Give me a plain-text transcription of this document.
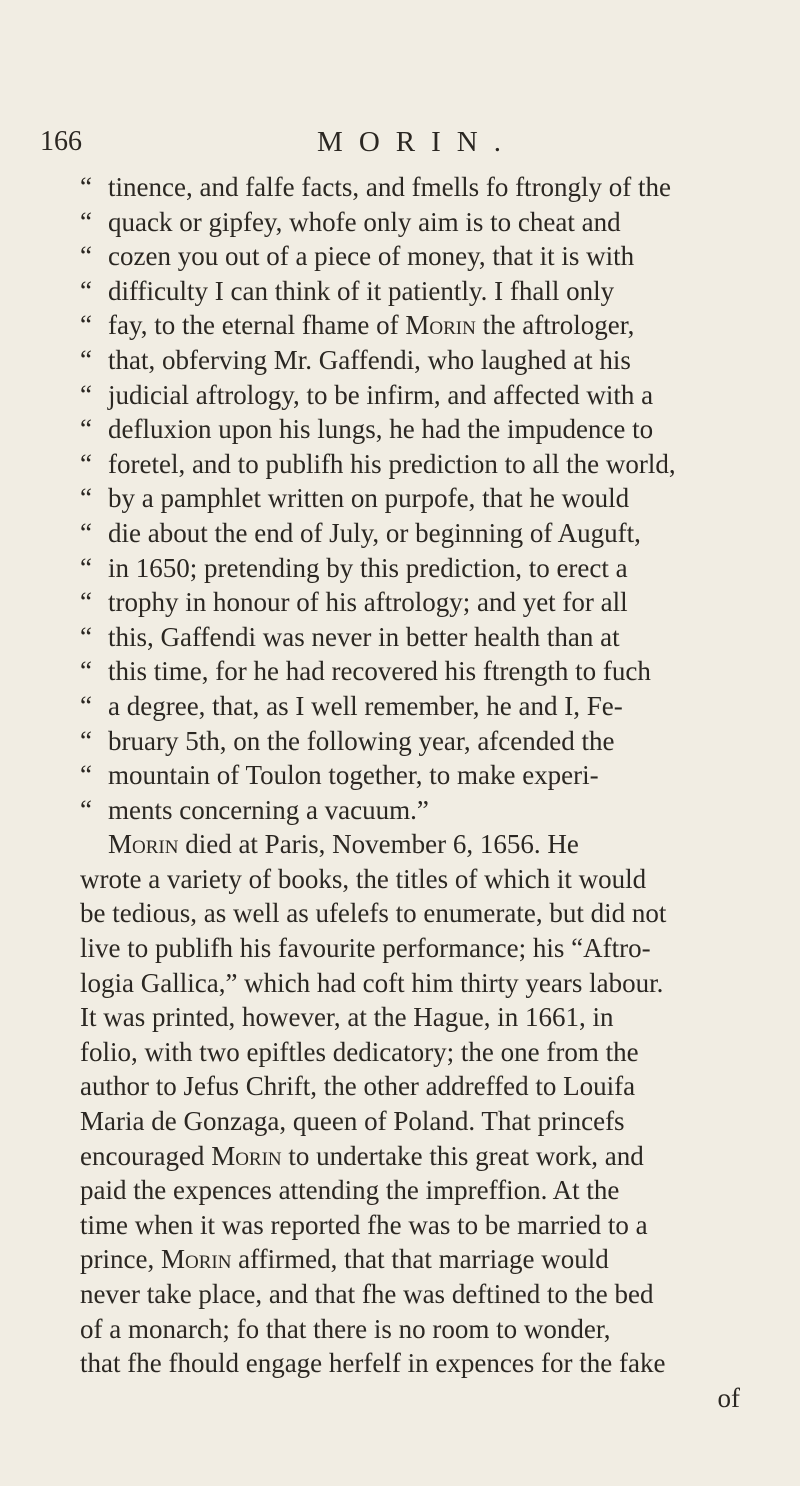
166	MORIN.
“ tinence, and falfe facts, and fmells fo ftrongly of the
“ quack or gipfey, whofe only aim is to cheat and
“ cozen you out of a piece of money, that it is with
“ difficulty I can think of it patiently. I fhall only
“ fay, to the eternal fhame of Morin the aftrologer,
“ that, obferving Mr. Gaffendi, who laughed at his
“ judicial aftrology, to be infirm, and affected with a
“ defluxion upon his lungs, he had the impudence to
“ foretel, and to publifh his prediction to all the world,
“ by a pamphlet written on purpofe, that he would
“ die about the end of July, or beginning of Auguft,
“ in 1650; pretending by this prediction, to erect a
“ trophy in honour of his aftrology; and yet for all
“ this, Gaffendi was never in better health than at
“ this time, for he had recovered his ftrength to fuch
“ a degree, that, as I well remember, he and I, Fe-
“ bruary 5th, on the following year, afcended the
“ mountain of Toulon together, to make experi-
“ ments concerning a vacuum.”
Morin died at Paris, November 6, 1656. He
wrote a variety of books, the titles of which it would
be tedious, as well as ufelefs to enumerate, but did not
live to publifh his favourite performance; his “Aftro-
logia Gallica,” which had coft him thirty years labour.
It was printed, however, at the Hague, in 1661, in
folio, with two epiftles dedicatory; the one from the
author to Jefus Chrift, the other addreffed to Louifa
Maria de Gonzaga, queen of Poland. That princefs
encouraged Morin to undertake this great work, and
paid the expences attending the impreffion. At the
time when it was reported fhe was to be married to a
prince, Morin affirmed, that that marriage would
never take place, and that fhe was deftined to the bed
of a monarch; fo that there is no room to wonder,
that fhe fhould engage herfelf in expences for the fake
of
